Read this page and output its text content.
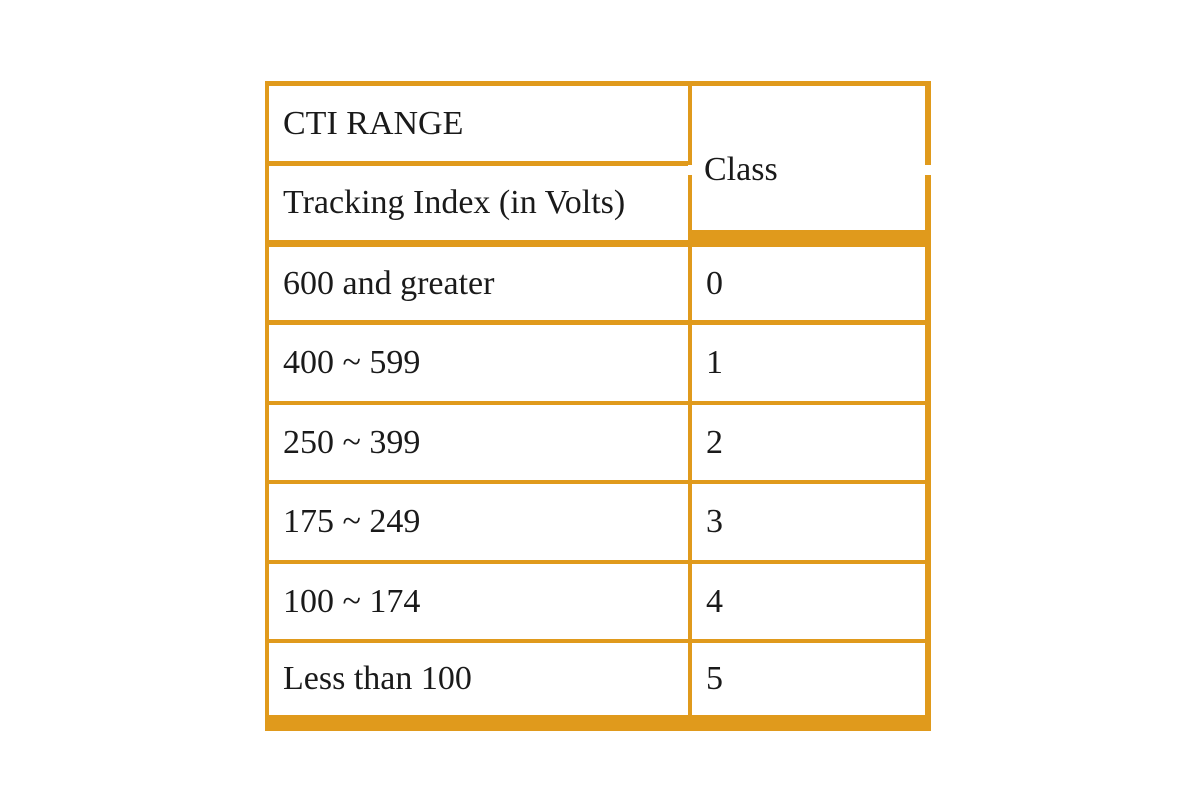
CTI RANGE
Tracking Index (in Volts)
Class
600 and greater	0
400 ~ 599	1
250 ~ 399	2
175 ~ 249	3
100 ~ 174	4
Less than 100	5
